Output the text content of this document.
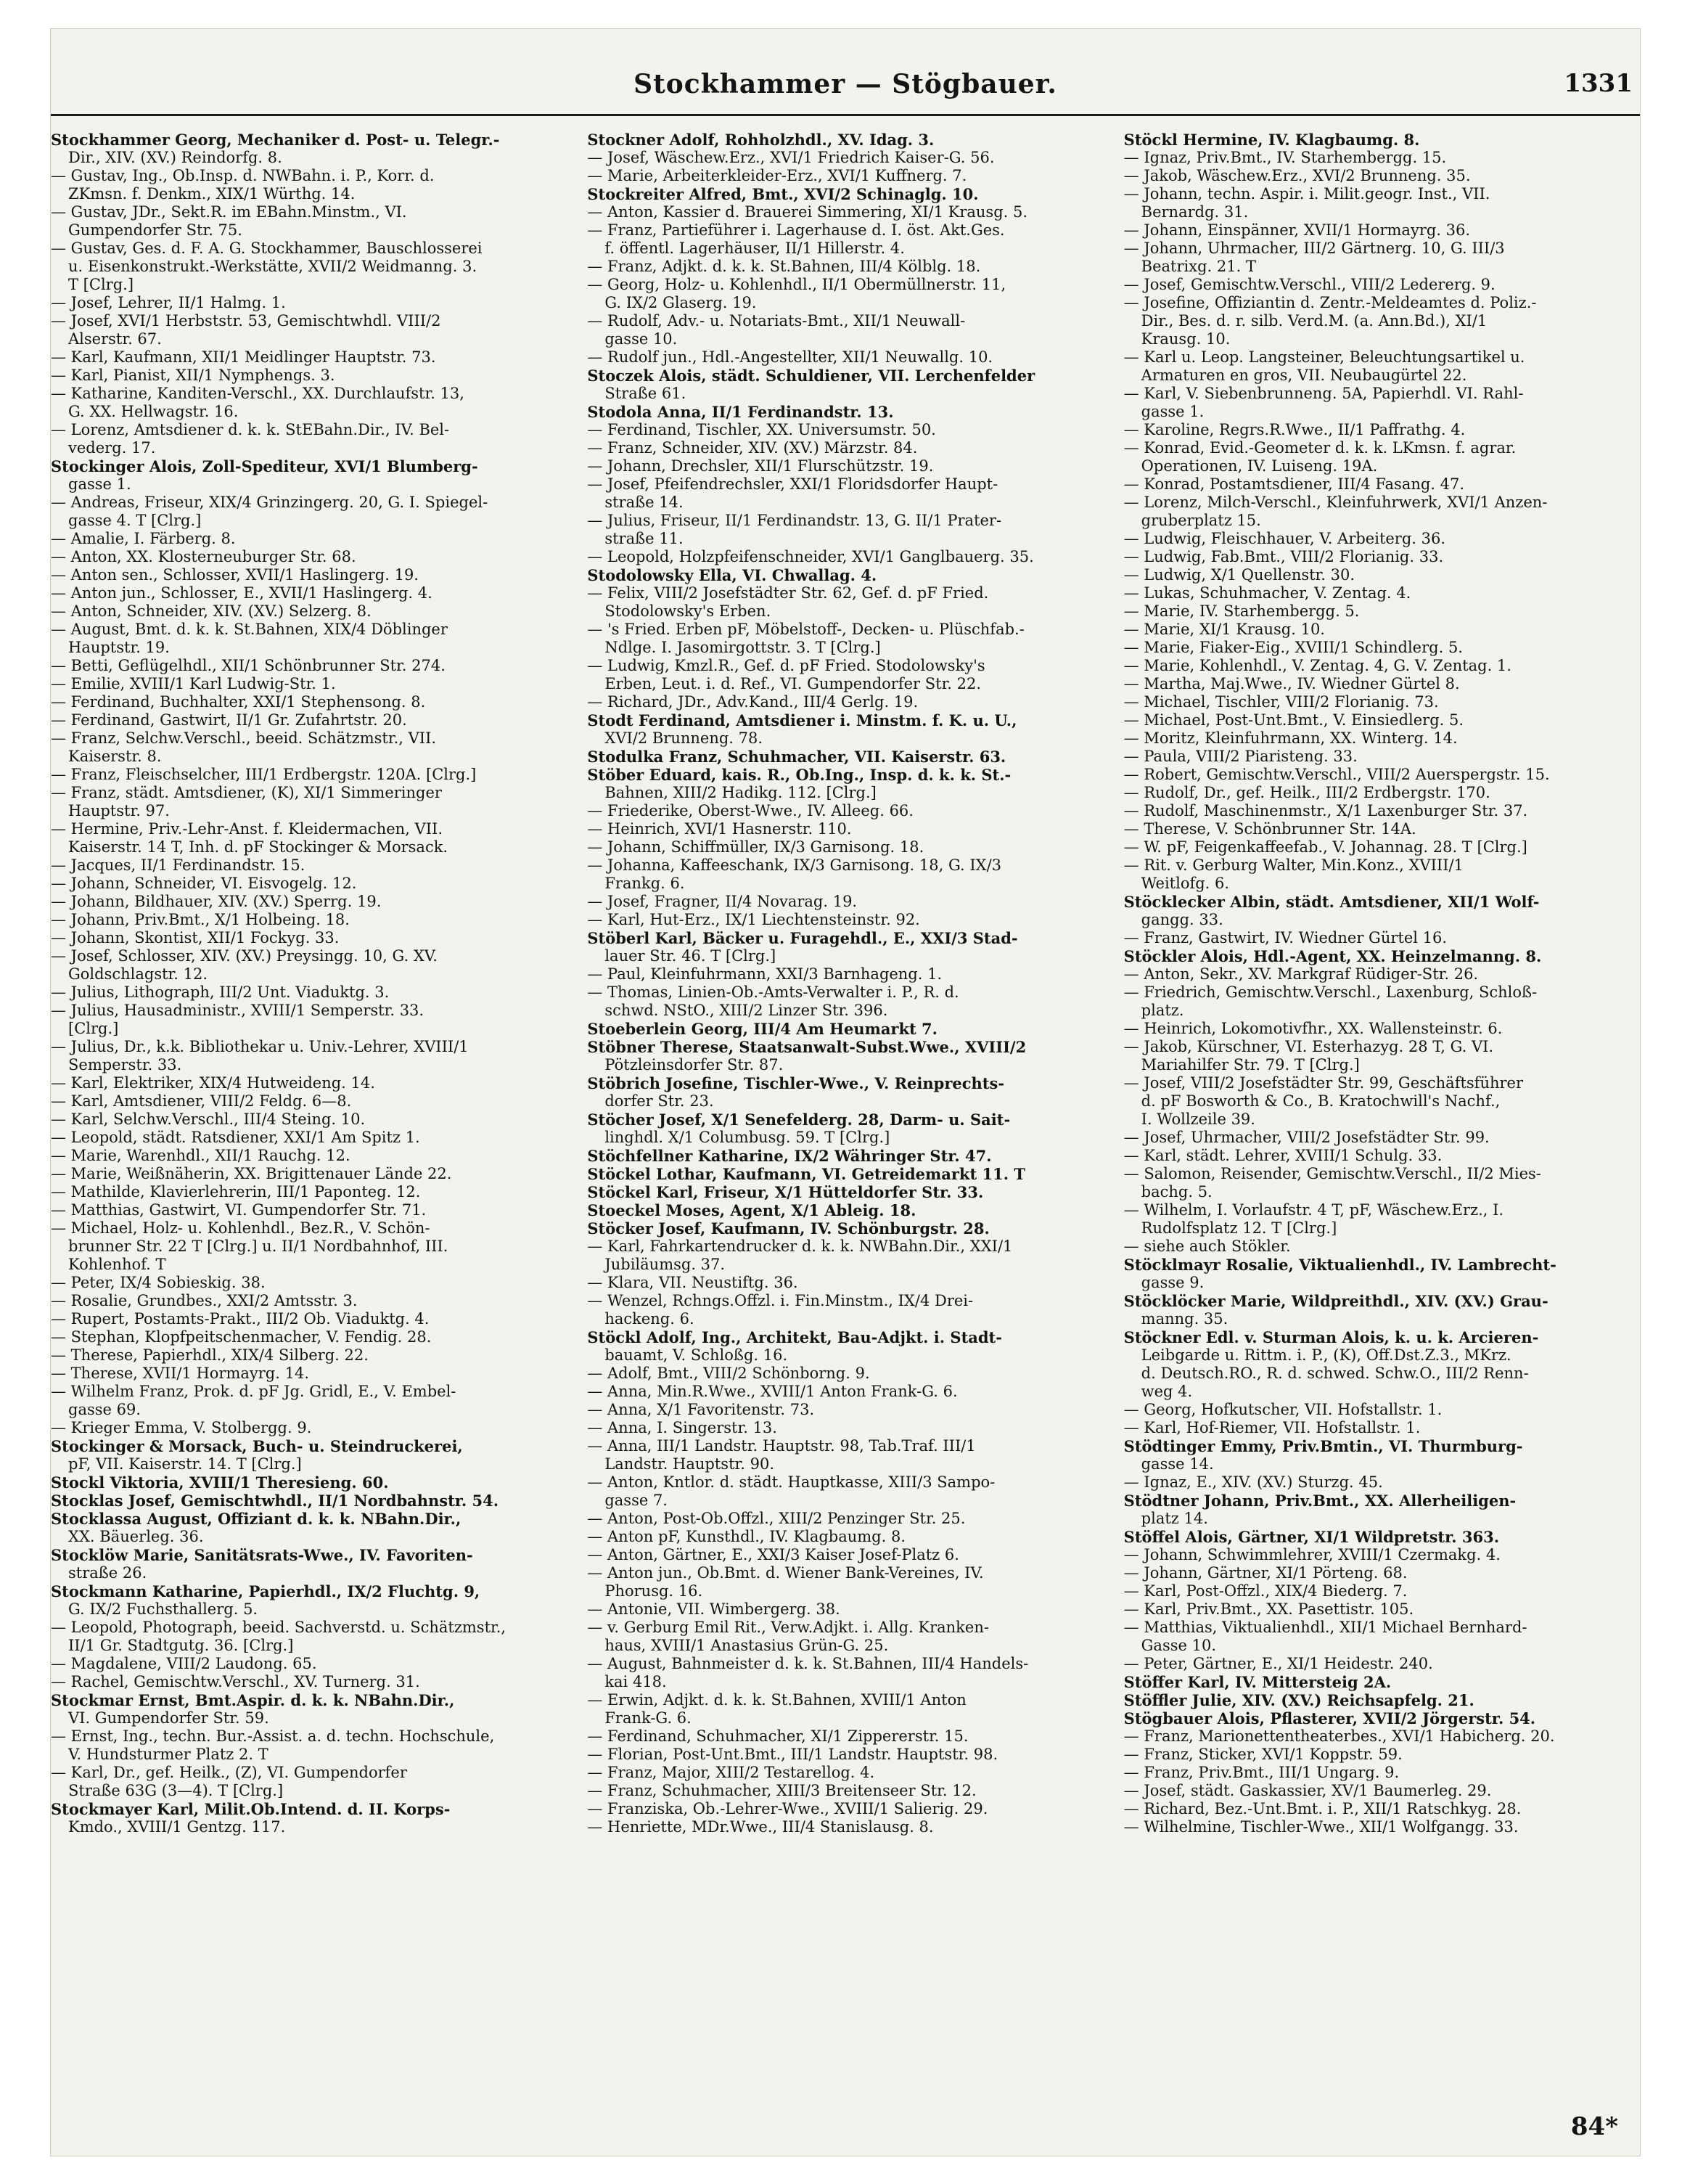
Stockhammer — Stögbauer.	1331
Stockhammer Georg, Mechaniker d. Post- u. Telegr.-
Dir., XIV. (XV.) Reindorfg. 8.
— Gustav, Ing., Ob.Insp. d. NWBahn. i. P., Korr. d.
ZKmsn. f. Denkm., XIX/1 Würthg. 14.
— Gustav, JDr., Sekt.R. im EBahn.Minstm., VI.
Gumpendorfer Str. 75.
— Gustav, Ges. d. F. A. G. Stockhammer, Bauschlosserei
u. Eisenkonstrukt.-Werkstätte, XVII/2 Weidmanng. 3.
T [Clrg.]
— Josef, Lehrer, II/1 Halmg. 1.
— Josef, XVI/1 Herbststr. 53, Gemischtwhdl. VIII/2
Alserstr. 67.
— Karl, Kaufmann, XII/1 Meidlinger Hauptstr. 73.
— Karl, Pianist, XII/1 Nymphengs. 3.
— Katharine, Kanditen-Verschl., XX. Durchlaufstr. 13,
G. XX. Hellwagstr. 16.
— Lorenz, Amtsdiener d. k. k. StEBahn.Dir., IV. Bel-
vederg. 17.
Stockinger Alois, Zoll-Spediteur, XVI/1 Blumberg-
gasse 1.
— Andreas, Friseur, XIX/4 Grinzingerg. 20, G. I. Spiegel-
gasse 4. T [Clrg.]
— Amalie, I. Färberg. 8.
— Anton, XX. Klosterneuburger Str. 68.
— Anton sen., Schlosser, XVII/1 Haslingerg. 19.
— Anton jun., Schlosser, E., XVII/1 Haslingerg. 4.
— Anton, Schneider, XIV. (XV.) Selzerg. 8.
— August, Bmt. d. k. k. St.Bahnen, XIX/4 Döblinger
Hauptstr. 19.
— Betti, Geflügelhdl., XII/1 Schönbrunner Str. 274.
— Emilie, XVIII/1 Karl Ludwig-Str. 1.
— Ferdinand, Buchhalter, XXI/1 Stephensong. 8.
— Ferdinand, Gastwirt, II/1 Gr. Zufahrtstr. 20.
— Franz, Selchw.Verschl., beeid. Schätzmstr., VII.
Kaiserstr. 8.
— Franz, Fleischselcher, III/1 Erdbergstr. 120A. [Clrg.]
— Franz, städt. Amtsdiener, (K), XI/1 Simmeringer
Hauptstr. 97.
— Hermine, Priv.-Lehr-Anst. f. Kleidermachen, VII.
Kaiserstr. 14 T, Inh. d. pF Stockinger & Morsack.
— Jacques, II/1 Ferdinandstr. 15.
— Johann, Schneider, VI. Eisvogelg. 12.
— Johann, Bildhauer, XIV. (XV.) Sperrg. 19.
— Johann, Priv.Bmt., X/1 Holbeing. 18.
— Johann, Skontist, XII/1 Fockyg. 33.
— Josef, Schlosser, XIV. (XV.) Preysingg. 10, G. XV.
Goldschlagstr. 12.
— Julius, Lithograph, III/2 Unt. Viaduktg. 3.
— Julius, Hausadministr., XVIII/1 Semperstr. 33.
[Clrg.]
— Julius, Dr., k.k. Bibliothekar u. Univ.-Lehrer, XVIII/1
Semperstr. 33.
— Karl, Elektriker, XIX/4 Hutweideng. 14.
— Karl, Amtsdiener, VIII/2 Feldg. 6—8.
— Karl, Selchw.Verschl., III/4 Steing. 10.
— Leopold, städt. Ratsdiener, XXI/1 Am Spitz 1.
— Marie, Warenhdl., XII/1 Rauchg. 12.
— Marie, Weißnäherin, XX. Brigittenauer Lände 22.
— Mathilde, Klavierlehrerin, III/1 Paponteg. 12.
— Matthias, Gastwirt, VI. Gumpendorfer Str. 71.
— Michael, Holz- u. Kohlenhdl., Bez.R., V. Schön-
brunner Str. 22 T [Clrg.] u. II/1 Nordbahnhof, III.
Kohlenhof. T
— Peter, IX/4 Sobieskig. 38.
— Rosalie, Grundbes., XXI/2 Amtsstr. 3.
— Rupert, Postamts-Prakt., III/2 Ob. Viaduktg. 4.
— Stephan, Klopfpeitschenmacher, V. Fendig. 28.
— Therese, Papierhdl., XIX/4 Silberg. 22.
— Therese, XVII/1 Hormayrg. 14.
— Wilhelm Franz, Prok. d. pF Jg. Gridl, E., V. Embel-
gasse 69.
— Krieger Emma, V. Stolbergg. 9.
Stockinger & Morsack, Buch- u. Steindruckerei,
pF, VII. Kaiserstr. 14. T [Clrg.]
Stockl Viktoria, XVIII/1 Theresieng. 60.
Stocklas Josef, Gemischtwhdl., II/1 Nordbahnstr. 54.
Stocklassa August, Offiziant d. k. k. NBahn.Dir.,
XX. Bäuerleg. 36.
Stocklöw Marie, Sanitätsrats-Wwe., IV. Favoriten-
straße 26.
Stockmann Katharine, Papierhdl., IX/2 Fluchtg. 9,
G. IX/2 Fuchsthallerg. 5.
— Leopold, Photograph, beeid. Sachverstd. u. Schätzmstr.,
II/1 Gr. Stadtgutg. 36. [Clrg.]
— Magdalene, VIII/2 Laudong. 65.
— Rachel, Gemischtw.Verschl., XV. Turnerg. 31.
Stockmar Ernst, Bmt.Aspir. d. k. k. NBahn.Dir.,
VI. Gumpendorfer Str. 59.
— Ernst, Ing., techn. Bur.-Assist. a. d. techn. Hochschule,
V. Hundsturmer Platz 2. T
— Karl, Dr., gef. Heilk., (Z), VI. Gumpendorfer
Straße 63G (3—4). T [Clrg.]
Stockmayer Karl, Milit.Ob.Intend. d. II. Korps-
Kmdo., XVIII/1 Gentzg. 117.
Stockner Adolf, Rohholzhdl., XV. Idag. 3.
— Josef, Wäschew.Erz., XVI/1 Friedrich Kaiser-G. 56.
— Marie, Arbeiterkleider-Erz., XVI/1 Kuffnerg. 7.
Stockreiter Alfred, Bmt., XVI/2 Schinaglg. 10.
— Anton, Kassier d. Brauerei Simmering, XI/1 Krausg. 5.
— Franz, Partieführer i. Lagerhause d. I. öst. Akt.Ges.
f. öffentl. Lagerhäuser, II/1 Hillerstr. 4.
— Franz, Adjkt. d. k. k. St.Bahnen, III/4 Kölblg. 18.
— Georg, Holz- u. Kohlenhdl., II/1 Obermüllnerstr. 11,
G. IX/2 Glaserg. 19.
— Rudolf, Adv.- u. Notariats-Bmt., XII/1 Neuwall-
gasse 10.
— Rudolf jun., Hdl.-Angestellter, XII/1 Neuwallg. 10.
Stoczek Alois, städt. Schuldiener, VII. Lerchenfelder
Straße 61.
Stodola Anna, II/1 Ferdinandstr. 13.
— Ferdinand, Tischler, XX. Universumstr. 50.
— Franz, Schneider, XIV. (XV.) Märzstr. 84.
— Johann, Drechsler, XII/1 Flurschützstr. 19.
— Josef, Pfeifendrechsler, XXI/1 Floridsdorfer Haupt-
straße 14.
— Julius, Friseur, II/1 Ferdinandstr. 13, G. II/1 Prater-
straße 11.
— Leopold, Holzpfeifenschneider, XVI/1 Ganglbauerg. 35.
Stodolowsky Ella, VI. Chwallag. 4.
— Felix, VIII/2 Josefstädter Str. 62, Gef. d. pF Fried.
Stodolowsky's Erben.
— 's Fried. Erben pF, Möbelstoff-, Decken- u. Plüschfab.-
Ndlge. I. Jasomirgottstr. 3. T [Clrg.]
— Ludwig, Kmzl.R., Gef. d. pF Fried. Stodolowsky's
Erben, Leut. i. d. Ref., VI. Gumpendorfer Str. 22.
— Richard, JDr., Adv.Kand., III/4 Gerlg. 19.
Stodt Ferdinand, Amtsdiener i. Minstm. f. K. u. U.,
XVI/2 Brunneng. 78.
Stodulka Franz, Schuhmacher, VII. Kaiserstr. 63.
Stöber Eduard, kais. R., Ob.Ing., Insp. d. k. k. St.-
Bahnen, XIII/2 Hadikg. 112. [Clrg.]
— Friederike, Oberst-Wwe., IV. Alleeg. 66.
— Heinrich, XVI/1 Hasnerstr. 110.
— Johann, Schiffmüller, IX/3 Garnisong. 18.
— Johanna, Kaffeeschank, IX/3 Garnisong. 18, G. IX/3
Frankg. 6.
— Josef, Fragner, II/4 Novarag. 19.
— Karl, Hut-Erz., IX/1 Liechtensteinstr. 92.
Stöberl Karl, Bäcker u. Furagehdl., E., XXI/3 Stad-
lauer Str. 46. T [Clrg.]
— Paul, Kleinfuhrmann, XXI/3 Barnhageng. 1.
— Thomas, Linien-Ob.-Amts-Verwalter i. P., R. d.
schwd. NStO., XIII/2 Linzer Str. 396.
Stoeberlein Georg, III/4 Am Heumarkt 7.
Stöbner Therese, Staatsanwalt-Subst.Wwe., XVIII/2
Pötzleinsdorfer Str. 87.
Stöbrich Josefine, Tischler-Wwe., V. Reinprechts-
dorfer Str. 23.
Stöcher Josef, X/1 Senefelderg. 28, Darm- u. Sait-
linghdl. X/1 Columbusg. 59. T [Clrg.]
Stöchfellner Katharine, IX/2 Währinger Str. 47.
Stöckel Lothar, Kaufmann, VI. Getreidemarkt 11. T
Stöckel Karl, Friseur, X/1 Hütteldorfer Str. 33.
Stoeckel Moses, Agent, X/1 Ableig. 18.
Stöcker Josef, Kaufmann, IV. Schönburgstr. 28.
— Karl, Fahrkartendrucker d. k. k. NWBahn.Dir., XXI/1
Jubiläumsg. 37.
— Klara, VII. Neustiftg. 36.
— Wenzel, Rchngs.Offzl. i. Fin.Minstm., IX/4 Drei-
hackeng. 6.
Stöckl Adolf, Ing., Architekt, Bau-Adjkt. i. Stadt-
bauamt, V. Schloßg. 16.
— Adolf, Bmt., VIII/2 Schönborng. 9.
— Anna, Min.R.Wwe., XVIII/1 Anton Frank-G. 6.
— Anna, X/1 Favoritenstr. 73.
— Anna, I. Singerstr. 13.
— Anna, III/1 Landstr. Hauptstr. 98, Tab.Traf. III/1
Landstr. Hauptstr. 90.
— Anton, Kntlor. d. städt. Hauptkasse, XIII/3 Sampo-
gasse 7.
— Anton, Post-Ob.Offzl., XIII/2 Penzinger Str. 25.
— Anton pF, Kunsthdl., IV. Klagbaumg. 8.
— Anton, Gärtner, E., XXI/3 Kaiser Josef-Platz 6.
— Anton jun., Ob.Bmt. d. Wiener Bank-Vereines, IV.
Phorusg. 16.
— Antonie, VII. Wimbergerg. 38.
— v. Gerburg Emil Rit., Verw.Adjkt. i. Allg. Kranken-
haus, XVIII/1 Anastasius Grün-G. 25.
— August, Bahnmeister d. k. k. St.Bahnen, III/4 Handels-
kai 418.
— Erwin, Adjkt. d. k. k. St.Bahnen, XVIII/1 Anton
Frank-G. 6.
— Ferdinand, Schuhmacher, XI/1 Zippererstr. 15.
— Florian, Post-Unt.Bmt., III/1 Landstr. Hauptstr. 98.
— Franz, Major, XIII/2 Testarellog. 4.
— Franz, Schuhmacher, XIII/3 Breitenseer Str. 12.
— Franziska, Ob.-Lehrer-Wwe., XVIII/1 Salierig. 29.
— Henriette, MDr.Wwe., III/4 Stanislausg. 8.
Stöckl Hermine, IV. Klagbaumg. 8.
— Ignaz, Priv.Bmt., IV. Starhembergg. 15.
— Jakob, Wäschew.Erz., XVI/2 Brunneng. 35.
— Johann, techn. Aspir. i. Milit.geogr. Inst., VII.
Bernardg. 31.
— Johann, Einspänner, XVII/1 Hormayrg. 36.
— Johann, Uhrmacher, III/2 Gärtnerg. 10, G. III/3
Beatrixg. 21. T
— Josef, Gemischtw.Verschl., VIII/2 Ledererg. 9.
— Josefine, Offiziantin d. Zentr.-Meldeamtes d. Poliz.-
Dir., Bes. d. r. silb. Verd.M. (a. Ann.Bd.), XI/1
Krausg. 10.
— Karl u. Leop. Langsteiner, Beleuchtungsartikel u.
Armaturen en gros, VII. Neubaugürtel 22.
— Karl, V. Siebenbrunneng. 5A, Papierhdl. VI. Rahl-
gasse 1.
— Karoline, Regrs.R.Wwe., II/1 Paffrathg. 4.
— Konrad, Evid.-Geometer d. k. k. LKmsn. f. agrar.
Operationen, IV. Luiseng. 19A.
— Konrad, Postamtsdiener, III/4 Fasang. 47.
— Lorenz, Milch-Verschl., Kleinfuhrwerk, XVI/1 Anzen-
gruberplatz 15.
— Ludwig, Fleischhauer, V. Arbeiterg. 36.
— Ludwig, Fab.Bmt., VIII/2 Florianig. 33.
— Ludwig, X/1 Quellenstr. 30.
— Lukas, Schuhmacher, V. Zentag. 4.
— Marie, IV. Starhembergg. 5.
— Marie, XI/1 Krausg. 10.
— Marie, Fiaker-Eig., XVIII/1 Schindlerg. 5.
— Marie, Kohlenhdl., V. Zentag. 4, G. V. Zentag. 1.
— Martha, Maj.Wwe., IV. Wiedner Gürtel 8.
— Michael, Tischler, VIII/2 Florianig. 73.
— Michael, Post-Unt.Bmt., V. Einsiedlerg. 5.
— Moritz, Kleinfuhrmann, XX. Winterg. 14.
— Paula, VIII/2 Piaristeng. 33.
— Robert, Gemischtw.Verschl., VIII/2 Auerspergstr. 15.
— Rudolf, Dr., gef. Heilk., III/2 Erdbergstr. 170.
— Rudolf, Maschinenmstr., X/1 Laxenburger Str. 37.
— Therese, V. Schönbrunner Str. 14A.
— W. pF, Feigenkaffeefab., V. Johannag. 28. T [Clrg.]
— Rit. v. Gerburg Walter, Min.Konz., XVIII/1
Weitlofg. 6.
Stöcklecker Albin, städt. Amtsdiener, XII/1 Wolf-
gangg. 33.
— Franz, Gastwirt, IV. Wiedner Gürtel 16.
Stöckler Alois, Hdl.-Agent, XX. Heinzelmanng. 8.
— Anton, Sekr., XV. Markgraf Rüdiger-Str. 26.
— Friedrich, Gemischtw.Verschl., Laxenburg, Schloß-
platz.
— Heinrich, Lokomotivfhr., XX. Wallensteinstr. 6.
— Jakob, Kürschner, VI. Esterhazyg. 28 T, G. VI.
Mariahilfer Str. 79. T [Clrg.]
— Josef, VIII/2 Josefstädter Str. 99, Geschäftsführer
d. pF Bosworth & Co., B. Kratochwill's Nachf.,
I. Wollzeile 39.
— Josef, Uhrmacher, VIII/2 Josefstädter Str. 99.
— Karl, städt. Lehrer, XVIII/1 Schulg. 33.
— Salomon, Reisender, Gemischtw.Verschl., II/2 Mies-
bachg. 5.
— Wilhelm, I. Vorlaufstr. 4 T, pF, Wäschew.Erz., I.
Rudolfsplatz 12. T [Clrg.]
— siehe auch Stökler.
Stöcklmayr Rosalie, Viktualienhdl., IV. Lambrecht-
gasse 9.
Stöcklöcker Marie, Wildpreithdl., XIV. (XV.) Grau-
manng. 35.
Stöckner Edl. v. Sturman Alois, k. u. k. Arcieren-
Leibgarde u. Rittm. i. P., (K), Off.Dst.Z.3., MKrz.
d. Deutsch.RO., R. d. schwed. Schw.O., III/2 Renn-
weg 4.
— Georg, Hofkutscher, VII. Hofstallstr. 1.
— Karl, Hof-Riemer, VII. Hofstallstr. 1.
Stödtinger Emmy, Priv.Bmtin., VI. Thurmburg-
gasse 14.
— Ignaz, E., XIV. (XV.) Sturzg. 45.
Stödtner Johann, Priv.Bmt., XX. Allerheiligen-
platz 14.
Stöffel Alois, Gärtner, XI/1 Wildpretstr. 363.
— Johann, Schwimmlehrer, XVIII/1 Czermakg. 4.
— Johann, Gärtner, XI/1 Pörteng. 68.
— Karl, Post-Offzl., XIX/4 Biederg. 7.
— Karl, Priv.Bmt., XX. Pasettistr. 105.
— Matthias, Viktualienhdl., XII/1 Michael Bernhard-
Gasse 10.
— Peter, Gärtner, E., XI/1 Heidestr. 240.
Stöffer Karl, IV. Mittersteig 2A.
Stöffler Julie, XIV. (XV.) Reichsapfelg. 21.
Stögbauer Alois, Pflasterer, XVII/2 Jörgerstr. 54.
— Franz, Marionettentheaterbes., XVI/1 Habicherg. 20.
— Franz, Sticker, XVI/1 Koppstr. 59.
— Franz, Priv.Bmt., III/1 Ungarg. 9.
— Josef, städt. Gaskassier, XV/1 Baumerleg. 29.
— Richard, Bez.-Unt.Bmt. i. P., XII/1 Ratschkyg. 28.
— Wilhelmine, Tischler-Wwe., XII/1 Wolfgangg. 33.
84*
